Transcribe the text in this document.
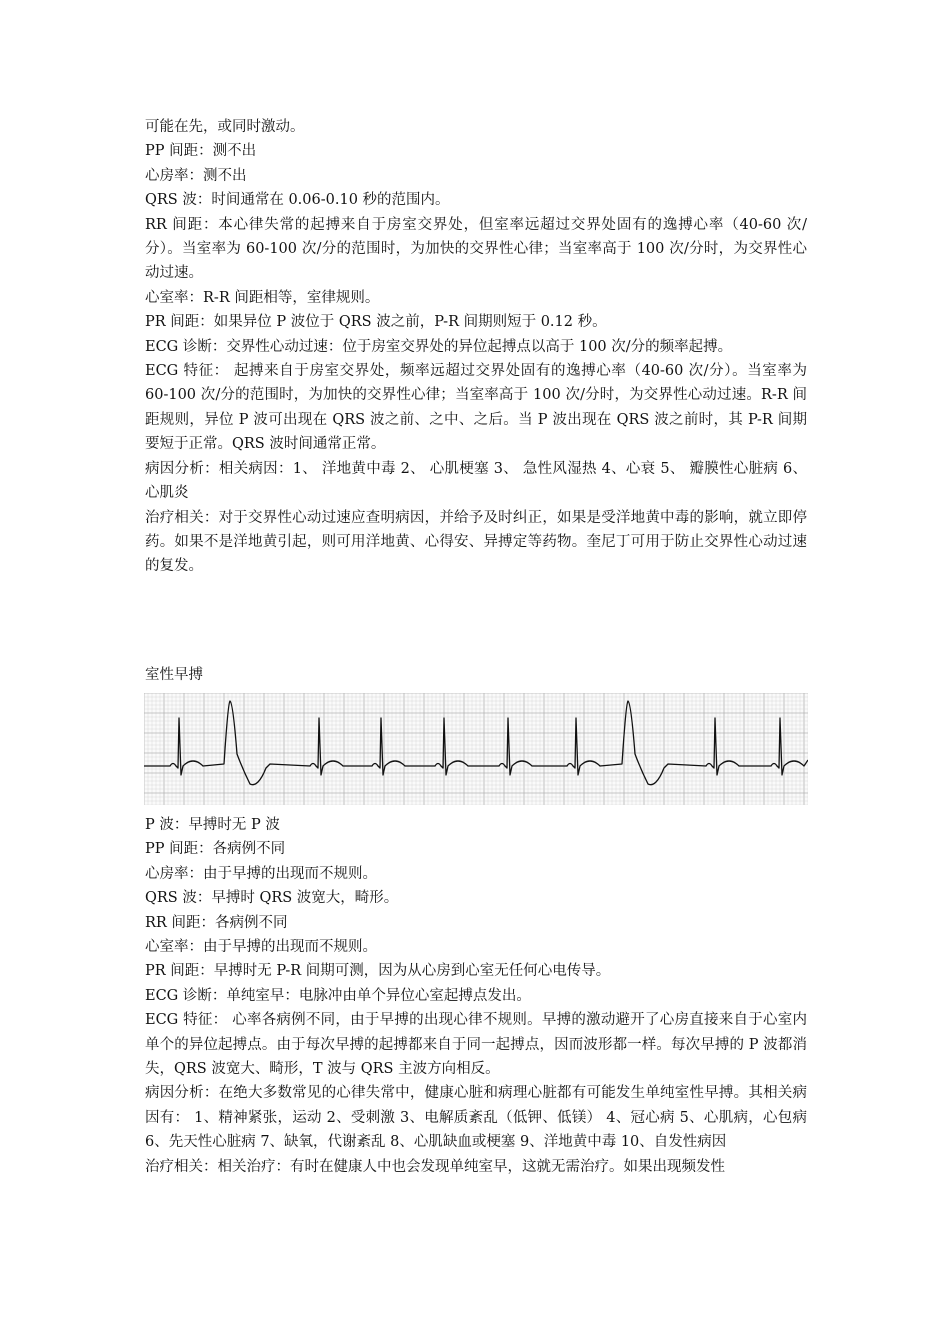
可能在先，或同时激动。

PP 间距：测不出

心房率：测不出

QRS 波：时间通常在 0.06-0.10 秒的范围内。

RR 间距：本心律失常的起搏来自于房室交界处，但室率远超过交界处固有的逸搏心率（40-60 次/分）。当室率为 60-100 次/分的范围时，为加快的交界性心律；当室率高于 100 次/分时，为交界性心动过速。

心室率：R-R 间距相等，室律规则。

PR 间距：如果异位 P 波位于 QRS 波之前，P-R 间期则短于 0.12 秒。

ECG 诊断：交界性心动过速：位于房室交界处的异位起搏点以高于 100 次/分的频率起搏。

ECG 特征： 起搏来自于房室交界处，频率远超过交界处固有的逸搏心率（40-60 次/分）。当室率为 60-100 次/分的范围时，为加快的交界性心律；当室率高于 100 次/分时，为交界性心动过速。R-R 间距规则，异位 P 波可出现在 QRS 波之前、之中、之后。当 P 波出现在 QRS 波之前时，其 P-R 间期要短于正常。QRS 波时间通常正常。

病因分析：相关病因：1、 洋地黄中毒 2、 心肌梗塞 3、 急性风湿热 4、心衰 5、 瓣膜性心脏病 6、 心肌炎

治疗相关：对于交界性心动过速应查明病因，并给予及时纠正，如果是受洋地黄中毒的影响，就立即停药。如果不是洋地黄引起，则可用洋地黄、心得安、异搏定等药物。奎尼丁可用于防止交界性心动过速的复发。

室性早搏

P 波：早搏时无 P 波

PP 间距：各病例不同

心房率：由于早搏的出现而不规则。

QRS 波：早搏时 QRS 波宽大，畸形。

RR 间距：各病例不同

心室率：由于早搏的出现而不规则。

PR 间距：早搏时无 P-R 间期可测，因为从心房到心室无任何心电传导。

ECG 诊断：单纯室早：电脉冲由单个异位心室起搏点发出。

ECG 特征： 心率各病例不同，由于早搏的出现心律不规则。早搏的激动避开了心房直接来自于心室内单个的异位起搏点。由于每次早搏的起搏都来自于同一起搏点，因而波形都一样。每次早搏的 P 波都消失，QRS 波宽大、畸形，T 波与 QRS 主波方向相反。

病因分析：在绝大多数常见的心律失常中，健康心脏和病理心脏都有可能发生单纯室性早搏。其相关病因有： 1、精神紧张，运动 2、受刺激 3、电解质紊乱（低钾、低镁） 4、冠心病 5、心肌病，心包病 6、先天性心脏病 7、缺氧，代谢紊乱 8、心肌缺血或梗塞 9、洋地黄中毒 10、自发性病因

治疗相关：相关治疗：有时在健康人中也会发现单纯室早，这就无需治疗。如果出现频发性
